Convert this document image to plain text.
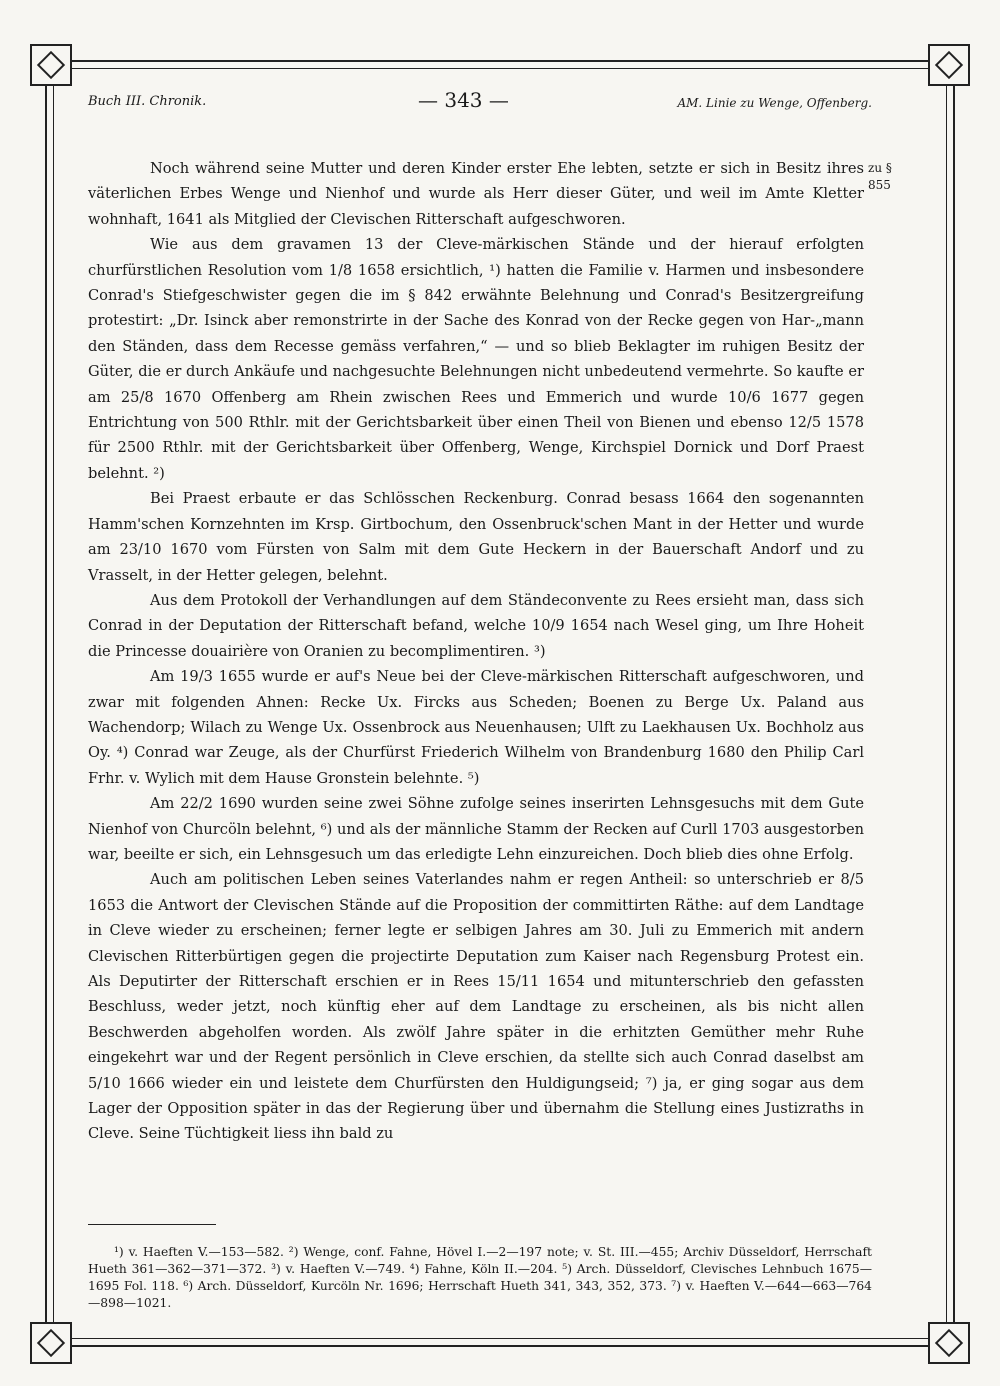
Buch III. Chronik.	— 343 —	AM. Linie zu Wenge, Offenberg.
zu § 855

Noch während seine Mutter und deren Kinder erster Ehe lebten, setzte er sich in Besitz ihres väterlichen Erbes Wenge und Nienhof und wurde als Herr dieser Güter, und weil im Amte Kletter wohnhaft, 1641 als Mitglied der Clevischen Ritterschaft aufgeschworen.

Wie aus dem gravamen 13 der Cleve-märkischen Stände und der hierauf erfolgten churfürstlichen Resolution vom 1/8 1658 ersichtlich, ¹) hatten die Familie v. Harmen und insbesondere Conrad's Stiefgeschwister gegen die im § 842 erwähnte Belehnung und Conrad's Besitzergreifung protestirt: „Dr. Isinck aber remonstrirte in der Sache des Konrad von der Recke gegen von Har-„mann den Ständen, dass dem Recesse gemäss verfahren,“ — und so blieb Beklagter im ruhigen Besitz der Güter, die er durch Ankäufe und nachgesuchte Belehnungen nicht unbedeutend vermehrte. So kaufte er am 25/8 1670 Offenberg am Rhein zwischen Rees und Emmerich und wurde 10/6 1677 gegen Entrichtung von 500 Rthlr. mit der Gerichtsbarkeit über einen Theil von Bienen und ebenso 12/5 1578 für 2500 Rthlr. mit der Gerichtsbarkeit über Offenberg, Wenge, Kirchspiel Dornick und Dorf Praest belehnt. ²)

Bei Praest erbaute er das Schlösschen Reckenburg. Conrad besass 1664 den sogenannten Hamm'schen Kornzehnten im Krsp. Girtbochum, den Ossenbruck'schen Mant in der Hetter und wurde am 23/10 1670 vom Fürsten von Salm mit dem Gute Heckern in der Bauerschaft Andorf und zu Vrasselt, in der Hetter gelegen, belehnt.

Aus dem Protokoll der Verhandlungen auf dem Ständeconvente zu Rees ersieht man, dass sich Conrad in der Deputation der Ritterschaft befand, welche 10/9 1654 nach Wesel ging, um Ihre Hoheit die Princesse douairière von Oranien zu becomplimentiren. ³)

Am 19/3 1655 wurde er auf's Neue bei der Cleve-märkischen Ritterschaft aufgeschworen, und zwar mit folgenden Ahnen: Recke Ux. Fircks aus Scheden; Boenen zu Berge Ux. Paland aus Wachendorp; Wilach zu Wenge Ux. Ossenbrock aus Neuenhausen; Ulft zu Laekhausen Ux. Bochholz aus Oy. ⁴) Conrad war Zeuge, als der Churfürst Friederich Wilhelm von Brandenburg 1680 den Philip Carl Frhr. v. Wylich mit dem Hause Gronstein belehnte. ⁵)

Am 22/2 1690 wurden seine zwei Söhne zufolge seines inserirten Lehnsgesuchs mit dem Gute Nienhof von Churcöln belehnt, ⁶) und als der männliche Stamm der Recken auf Curll 1703 ausgestorben war, beeilte er sich, ein Lehnsgesuch um das erledigte Lehn einzureichen. Doch blieb dies ohne Erfolg.

Auch am politischen Leben seines Vaterlandes nahm er regen Antheil: so unterschrieb er 8/5 1653 die Antwort der Clevischen Stände auf die Proposition der committirten Räthe: auf dem Landtage in Cleve wieder zu erscheinen; ferner legte er selbigen Jahres am 30. Juli zu Emmerich mit andern Clevischen Ritterbürtigen gegen die projectirte Deputation zum Kaiser nach Regensburg Protest ein. Als Deputirter der Ritterschaft erschien er in Rees 15/11 1654 und mitunterschrieb den gefassten Beschluss, weder jetzt, noch künftig eher auf dem Landtage zu erscheinen, als bis nicht allen Beschwerden abgeholfen worden. Als zwölf Jahre später in die erhitzten Gemüther mehr Ruhe eingekehrt war und der Regent persönlich in Cleve erschien, da stellte sich auch Conrad daselbst am 5/10 1666 wieder ein und leistete dem Churfürsten den Huldigungseid; ⁷) ja, er ging sogar aus dem Lager der Opposition später in das der Regierung über und übernahm die Stellung eines Justizraths in Cleve. Seine Tüchtigkeit liess ihn bald zu

¹) v. Haeften V.—153—582. ²) Wenge, conf. Fahne, Hövel I.—2—197 note; v. St. III.—455; Archiv Düsseldorf, Herrschaft Hueth 361—362—371—372. ³) v. Haeften V.—749. ⁴) Fahne, Köln II.—204. ⁵) Arch. Düsseldorf, Clevisches Lehnbuch 1675—1695 Fol. 118. ⁶) Arch. Düsseldorf, Kurcöln Nr. 1696; Herrschaft Hueth 341, 343, 352, 373. ⁷) v. Haeften V.—644—663—764—898—1021.
